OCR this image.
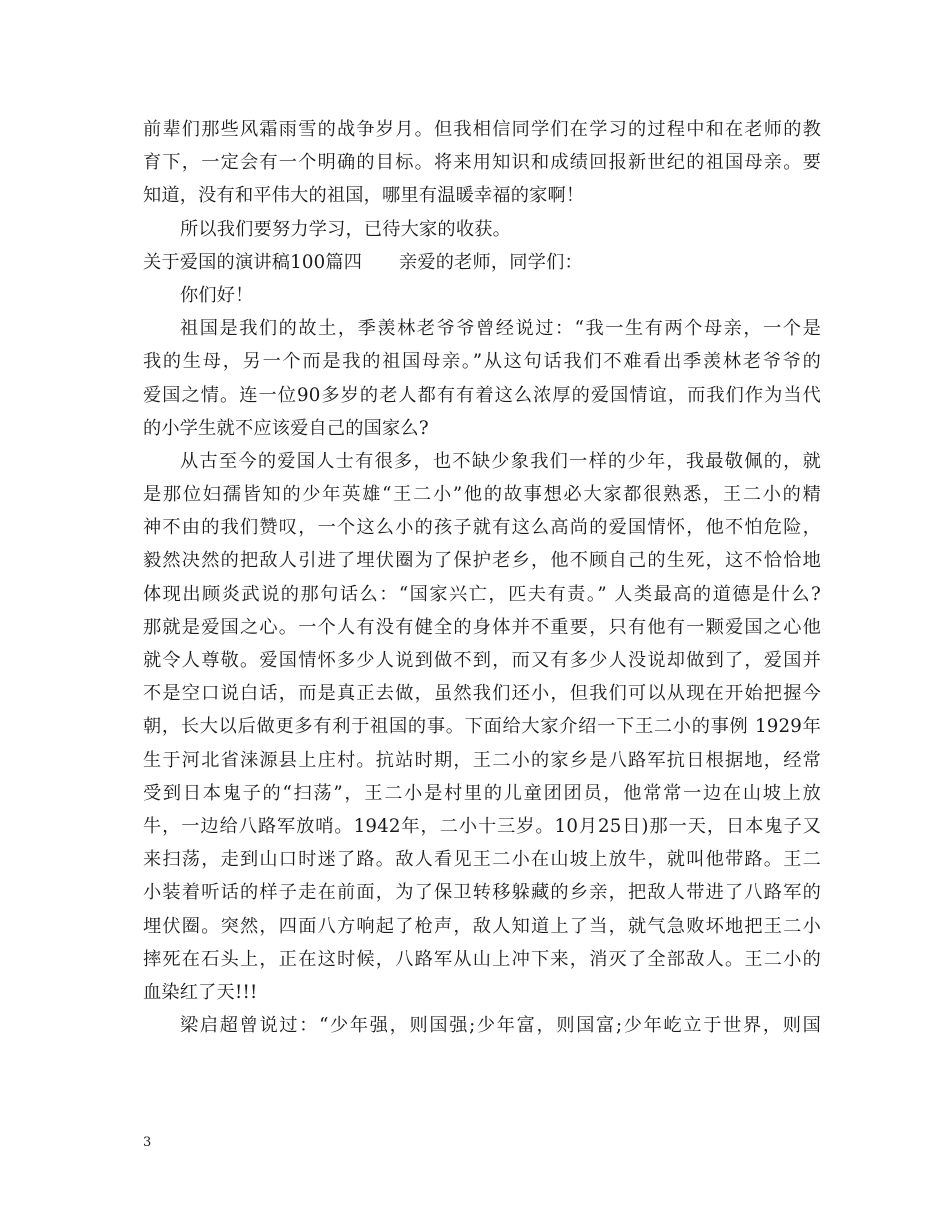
前辈们那些风霜雨雪的战争岁月。但我相信同学们在学习的过程中和在老师的教
育下，一定会有一个明确的目标。将来用知识和成绩回报新世纪的祖国母亲。要
知道，没有和平伟大的祖国，哪里有温暖幸福的家啊！
所以我们要努力学习，已待大家的收获。
关于爱国的演讲稿100篇四　　亲爱的老师，同学们：
你们好！
祖国是我们的故土，季羡林老爷爷曾经说过：“我一生有两个母亲，一个是
我的生母，另一个而是我的祖国母亲。”从这句话我们不难看出季羡林老爷爷的
爱国之情。连一位90多岁的老人都有有着这么浓厚的爱国情谊，而我们作为当代
的小学生就不应该爱自己的国家么?
从古至今的爱国人士有很多，也不缺少象我们一样的少年，我最敬佩的，就
是那位妇孺皆知的少年英雄“王二小”他的故事想必大家都很熟悉，王二小的精
神不由的我们赞叹，一个这么小的孩子就有这么高尚的爱国情怀，他不怕危险，
毅然决然的把敌人引进了埋伏圈为了保护老乡，他不顾自己的生死，这不恰恰地
体现出顾炎武说的那句话么：“国家兴亡，匹夫有责。” 人类最高的道德是什么?
那就是爱国之心。一个人有没有健全的身体并不重要，只有他有一颗爱国之心他
就令人尊敬。爱国情怀多少人说到做不到，而又有多少人没说却做到了，爱国并
不是空口说白话，而是真正去做，虽然我们还小，但我们可以从现在开始把握今
朝，长大以后做更多有利于祖国的事。下面给大家介绍一下王二小的事例 1929年
生于河北省涞源县上庄村。抗站时期，王二小的家乡是八路军抗日根据地，经常
受到日本鬼子的“扫荡”，王二小是村里的儿童团团员，他常常一边在山坡上放
牛，一边给八路军放哨。1942年，二小十三岁。10月25日)那一天，日本鬼子又
来扫荡，走到山口时迷了路。敌人看见王二小在山坡上放牛，就叫他带路。王二
小装着听话的样子走在前面，为了保卫转移躲藏的乡亲，把敌人带进了八路军的
埋伏圈。突然，四面八方响起了枪声，敌人知道上了当，就气急败坏地把王二小
摔死在石头上，正在这时候，八路军从山上冲下来，消灭了全部敌人。王二小的
血染红了天!!!
梁启超曾说过：“少年强，则国强;少年富，则国富;少年屹立于世界，则国
3
